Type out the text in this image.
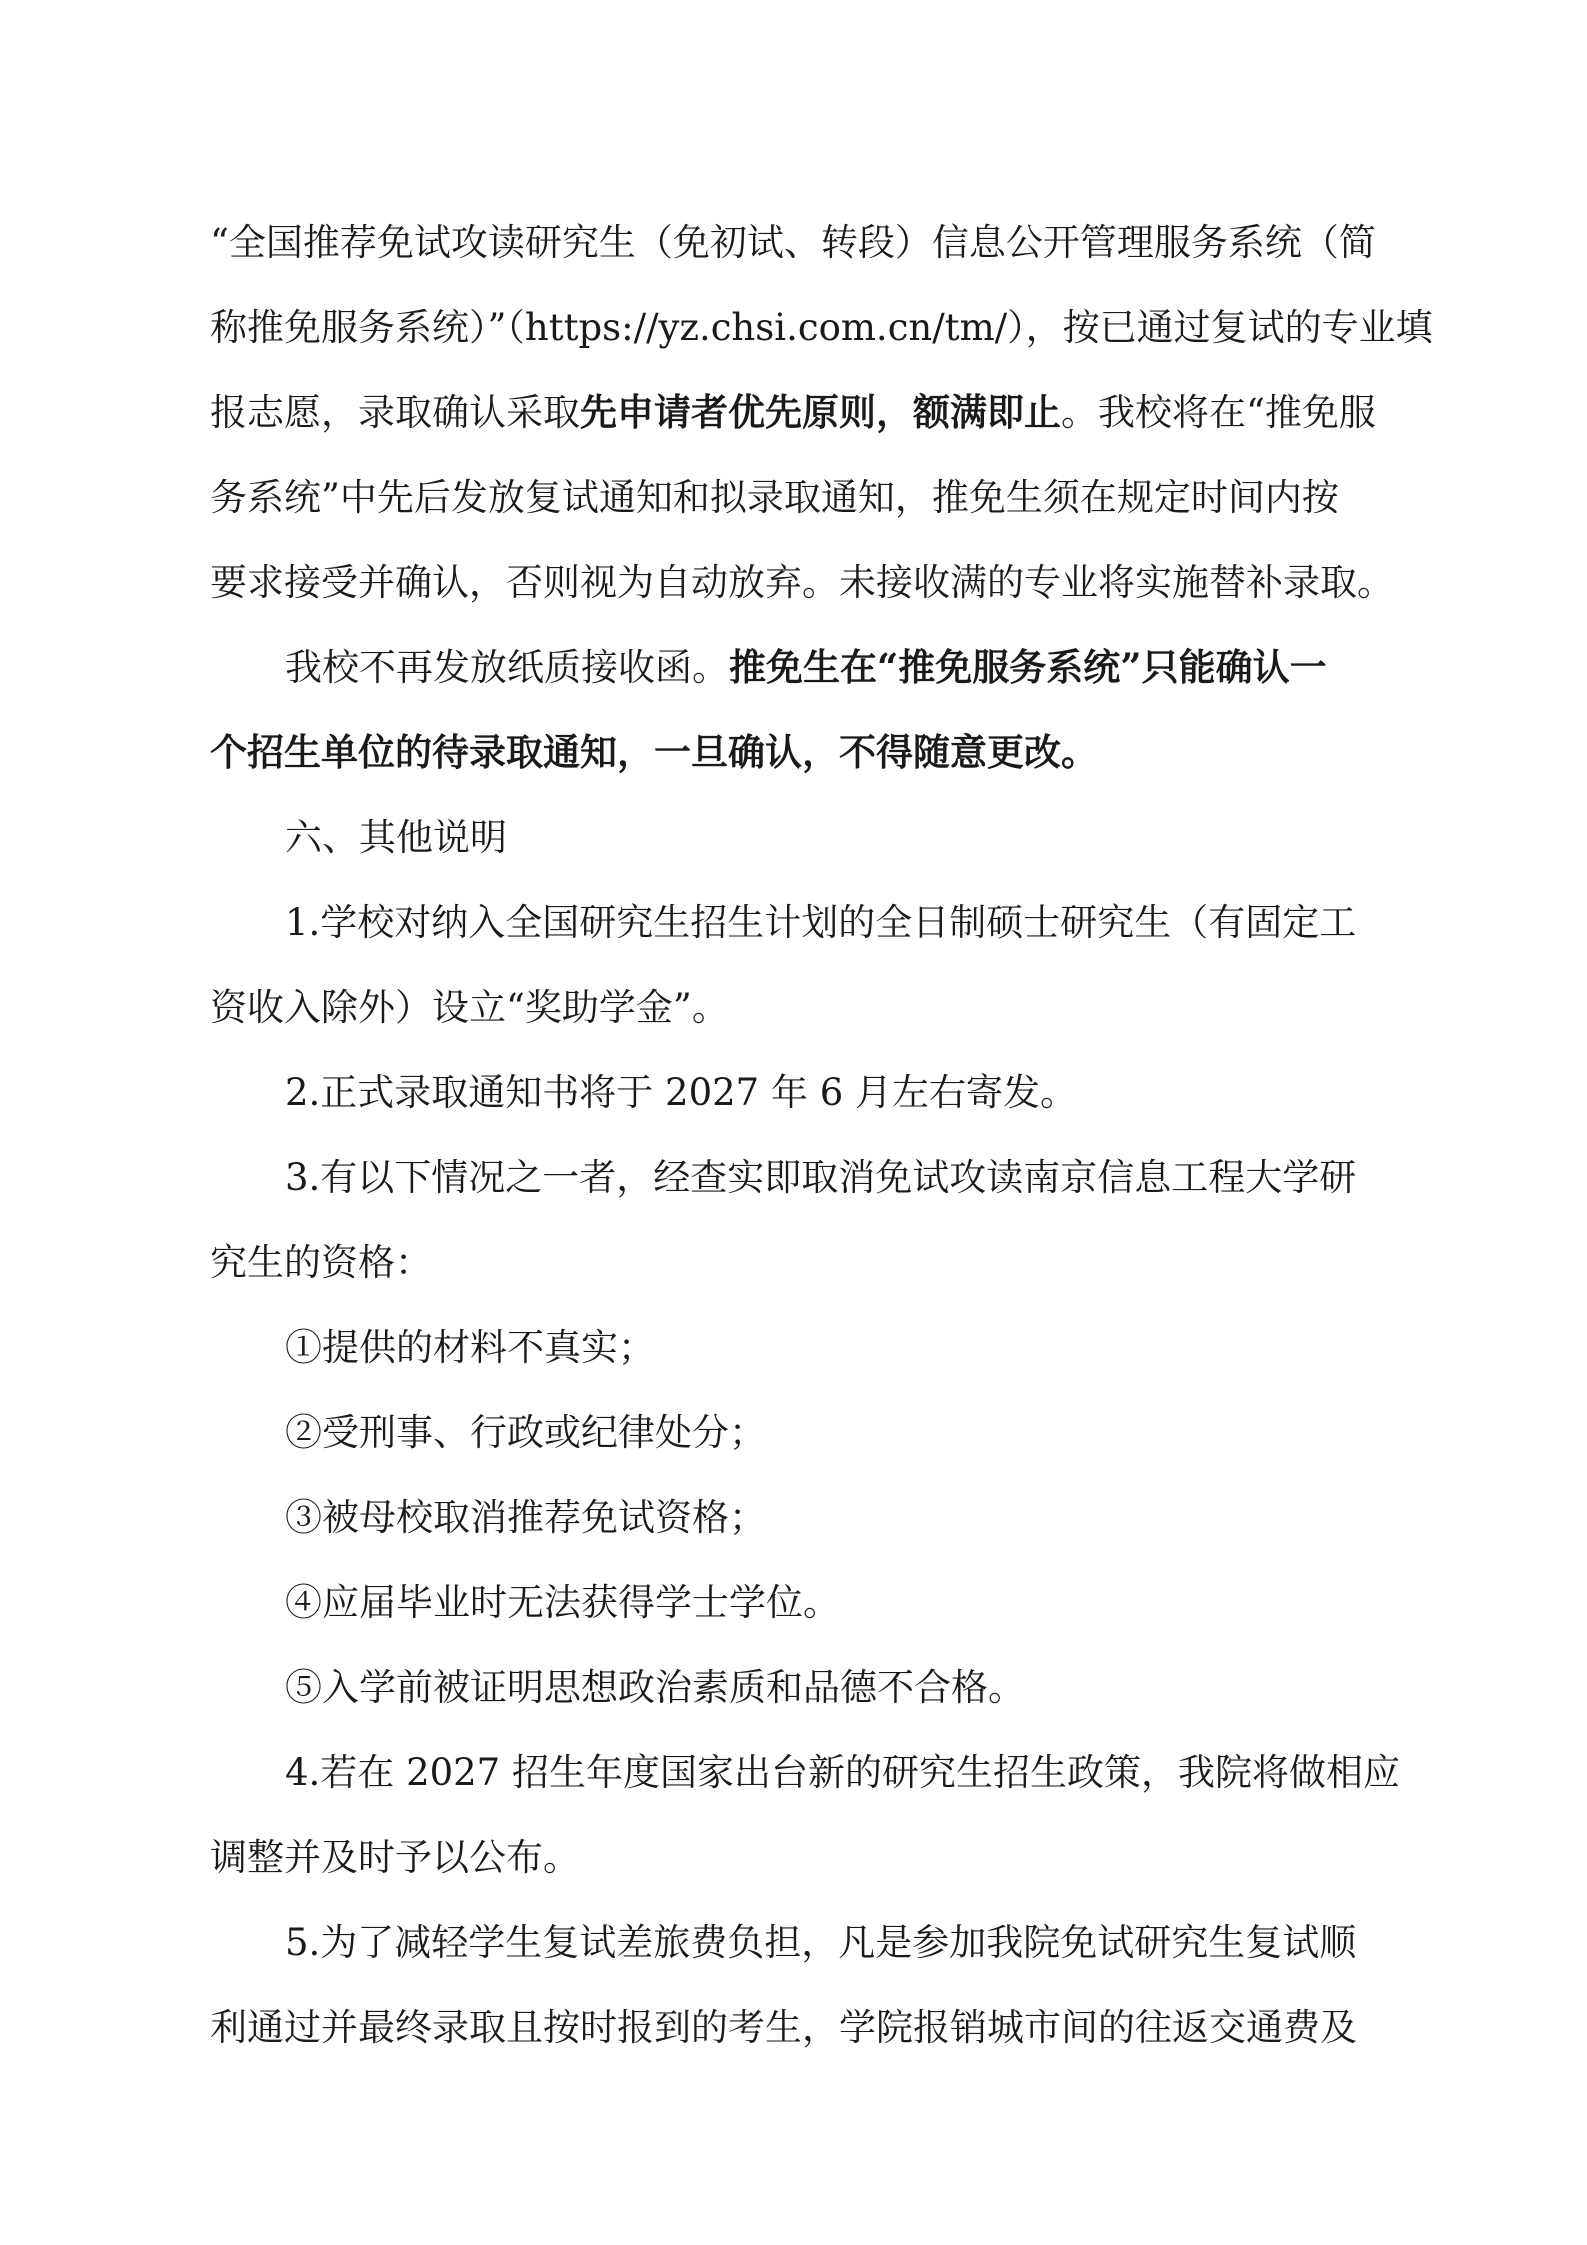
“全国推荐免试攻读研究生（免初试、转段）信息公开管理服务系统（简
称推免服务系统）”（https://yz.chsi.com.cn/tm/），按已通过复试的专业填
报志愿，录取确认采取先申请者优先原则，额满即止。我校将在“推免服
务系统”中先后发放复试通知和拟录取通知，推免生须在规定时间内按
要求接受并确认，否则视为自动放弃。未接收满的专业将实施替补录取。
我校不再发放纸质接收函。推免生在“推免服务系统”只能确认一
个招生单位的待录取通知，一旦确认，不得随意更改。
六、其他说明
1.学校对纳入全国研究生招生计划的全日制硕士研究生（有固定工
资收入除外）设立“奖助学金”。
2.正式录取通知书将于 2027 年 6 月左右寄发。
3.有以下情况之一者，经查实即取消免试攻读南京信息工程大学研
究生的资格：
①提供的材料不真实；
②受刑事、行政或纪律处分；
③被母校取消推荐免试资格；
④应届毕业时无法获得学士学位。
⑤入学前被证明思想政治素质和品德不合格。
4.若在 2027 招生年度国家出台新的研究生招生政策，我院将做相应
调整并及时予以公布。
5.为了减轻学生复试差旅费负担，凡是参加我院免试研究生复试顺
利通过并最终录取且按时报到的考生，学院报销城市间的往返交通费及
